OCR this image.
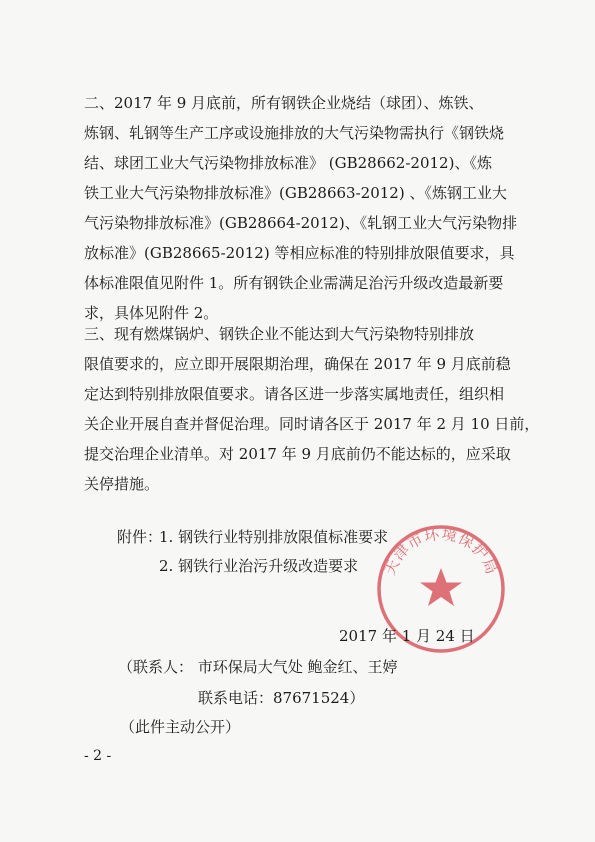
二、2017 年 9 月底前，所有钢铁企业烧结（球团）、炼铁、
炼钢、轧钢等生产工序或设施排放的大气污染物需执行《钢铁烧
结、球团工业大气污染物排放标准》 (GB28662-2012)、《炼
铁工业大气污染物排放标准》(GB28663-2012) 、《炼钢工业大
气污染物排放标准》(GB28664-2012)、《轧钢工业大气污染物排
放标准》(GB28665-2012) 等相应标准的特别排放限值要求，具
体标准限值见附件 1。所有钢铁企业需满足治污升级改造最新要
求，具体见附件 2。
三、现有燃煤锅炉、钢铁企业不能达到大气污染物特别排放
限值要求的，应立即开展限期治理，确保在 2017 年 9 月底前稳
定达到特别排放限值要求。请各区进一步落实属地责任，组织相
关企业开展自查并督促治理。同时请各区于 2017 年 2 月 10 日前，
提交治理企业清单。对 2017 年 9 月底前仍不能达标的，应采取
关停措施。
附件：
1. 钢铁行业特别排放限值标准要求
2. 钢铁行业治污升级改造要求 天津市环境保护局
2017 年 1 月 24 日
（联系人： 市环保局大气处 鲍金红、王婷
联系电话：87671524）
（此件主动公开）
- 2 -
